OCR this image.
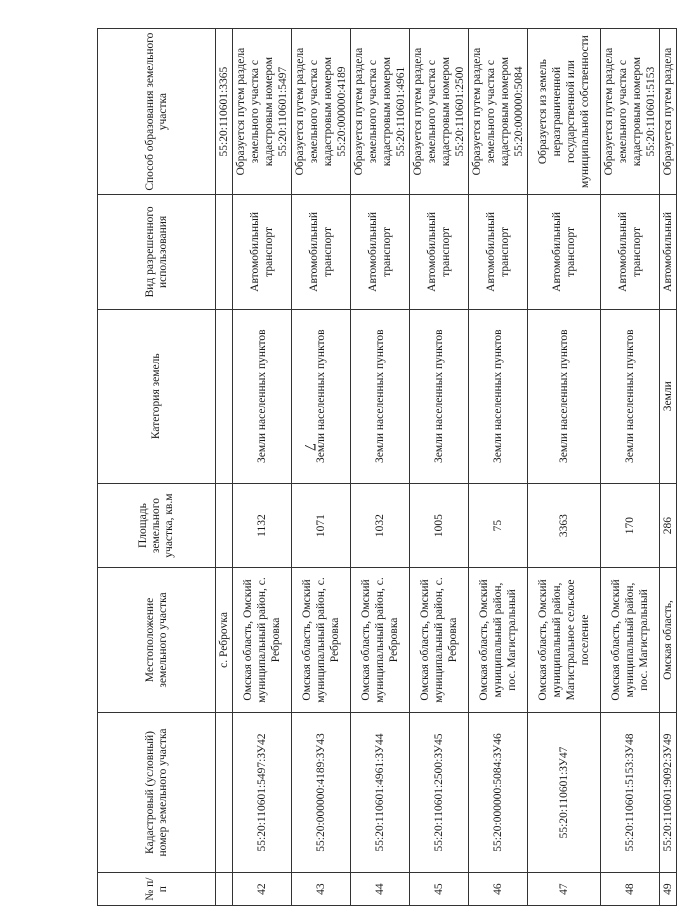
7
№ п/п	Кадастровый (условный) номер земельного участка	Местоположение земельного участка	Площадь земельного участка, кв.м	Категория земель	Вид разрешенного использования	Способ образования земельного участка
		с. Реброvка				55:20:110601:3365
42	55:20:110601:5497:ЗУ42	Омская область, Омский муниципальный район, с. Ребровка	1132	Земли населенных пунктов	Автомобильный транспорт	Образуется путем раздела земельного участка с кадастровым номером 55:20:110601:5497
43	55:20:000000:4189:ЗУ43	Омская область, Омский муниципальный район, с. Ребровка	1071	Земли населенных пунктов	Автомобильный транспорт	Образуется путем раздела земельного участка с кадастровым номером 55:20:000000:4189
44	55:20:110601:4961:ЗУ44	Омская область, Омский муниципальный район, с. Ребровка	1032	Земли населенных пунктов	Автомобильный транспорт	Образуется путем раздела земельного участка с кадастровым номером 55:20:110601:4961
45	55:20:110601:2500:ЗУ45	Омская область, Омский муниципальный район, с. Ребровка	1005	Земли населенных пунктов	Автомобильный транспорт	Образуется путем раздела земельного участка с кадастровым номером 55:20:110601:2500
46	55:20:000000:5084:ЗУ46	Омская область, Омский муниципальный район, пос. Магистральный	75	Земли населенных пунктов	Автомобильный транспорт	Образуется путем раздела земельного участка с кадастровым номером 55:20:000000:5084
47	55:20:110601:ЗУ47	Омская область, Омский муниципальный район, Магистральное сельское поселение	3363	Земли населенных пунктов	Автомобильный транспорт	Образуется из земель неразграниченной государственной или муниципальной собственности
48	55:20:110601:5153:ЗУ48	Омская область, Омский муниципальный район, пос. Магистральный	170	Земли населенных пунктов	Автомобильный транспорт	Образуется путем раздела земельного участка с кадастровым номером 55:20:110601:5153
49	55:20:110601:9092:ЗУ49	Омская область,	286	Земли	Автомобильный	Образуется путем раздела
